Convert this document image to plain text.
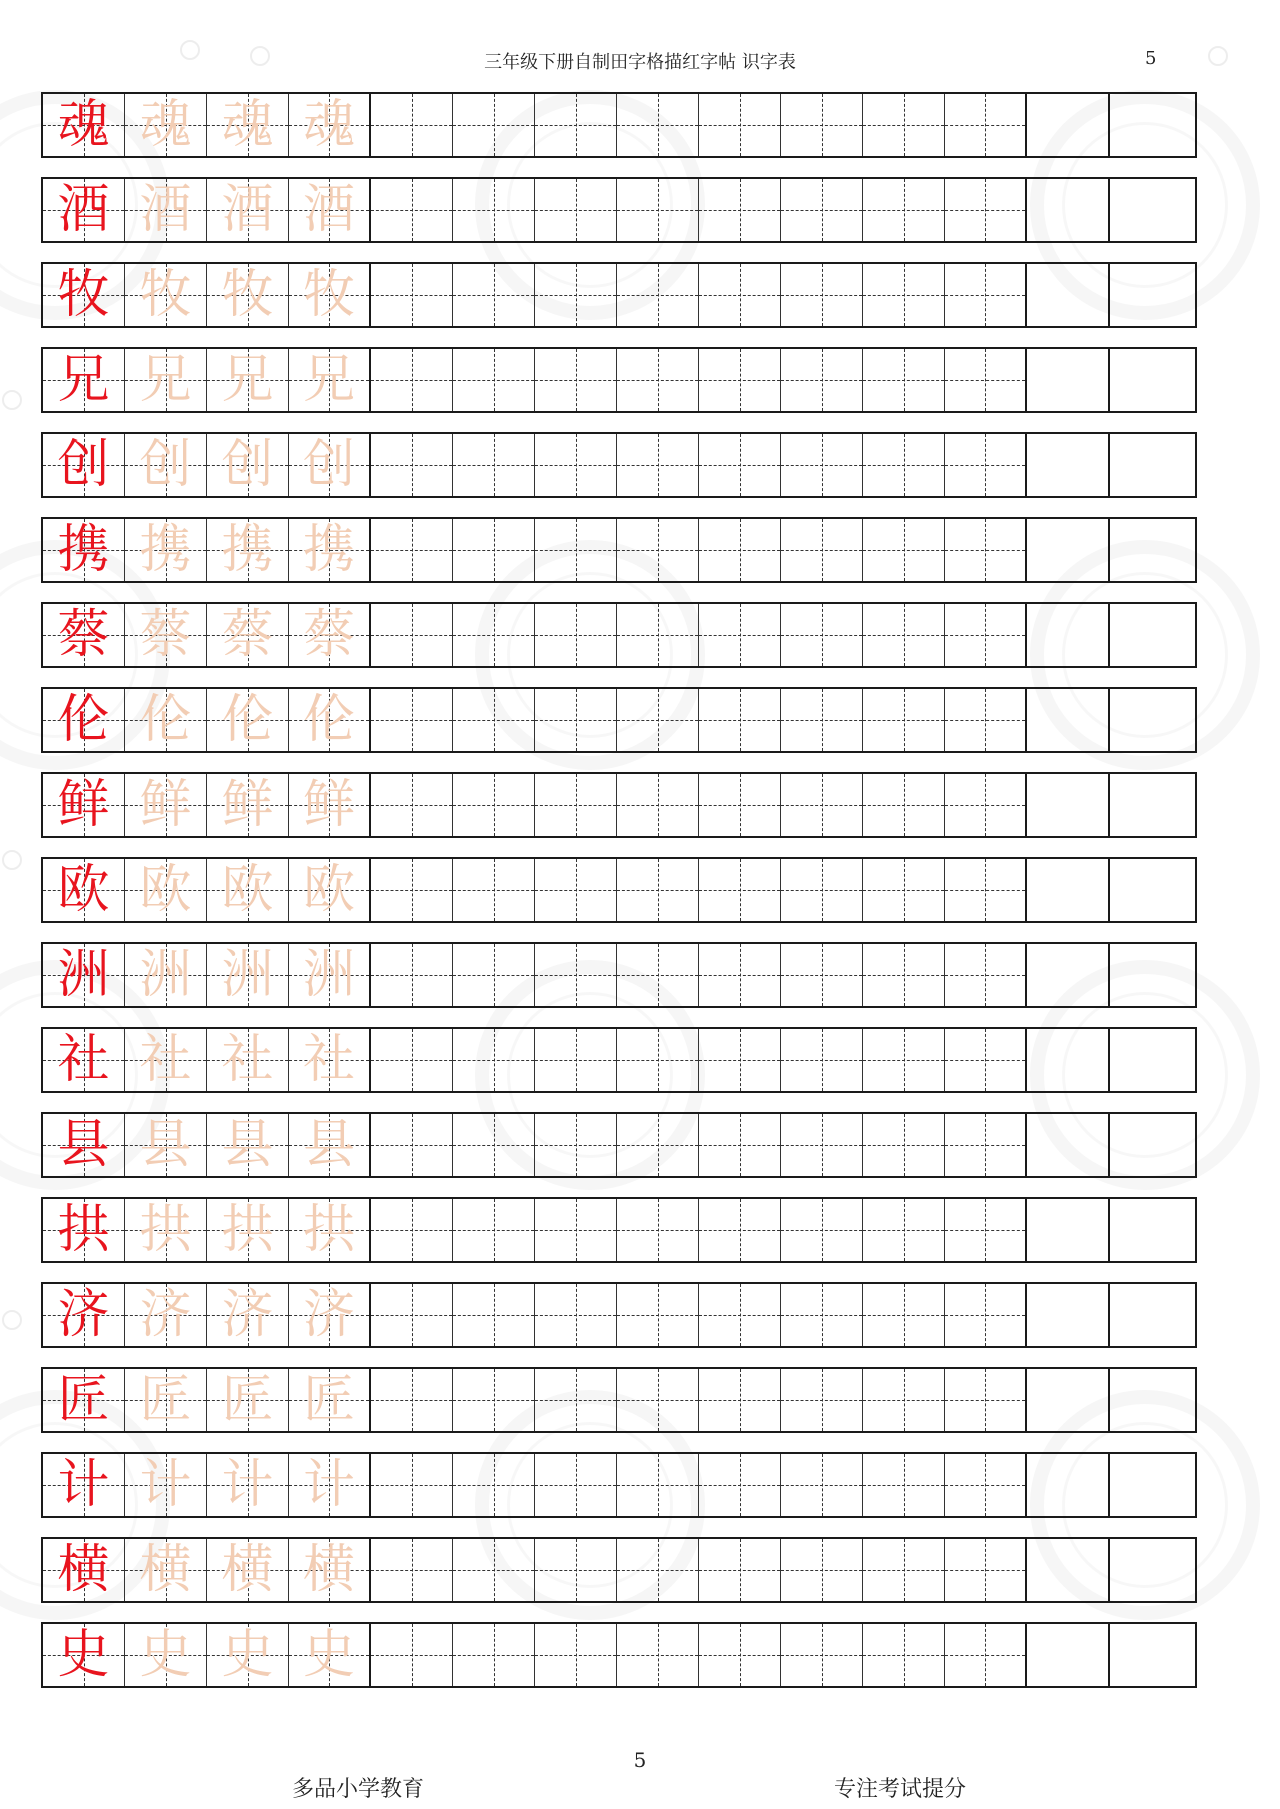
三年级下册自制田字格描红字帖 识字表	5
魂 魂 魂 魂
酒 酒 酒 酒
牧 牧 牧 牧
兄 兄 兄 兄
创 创 创 创
携 携 携 携
蔡 蔡 蔡 蔡
伦 伦 伦 伦
鲜 鲜 鲜 鲜
欧 欧 欧 欧
洲 洲 洲 洲
社 社 社 社
县 县 县 县
拱 拱 拱 拱
济 济 济 济
匠 匠 匠 匠
计 计 计 计
横 横 横 横
史 史 史 史
5
多品小学教育	专注考试提分
